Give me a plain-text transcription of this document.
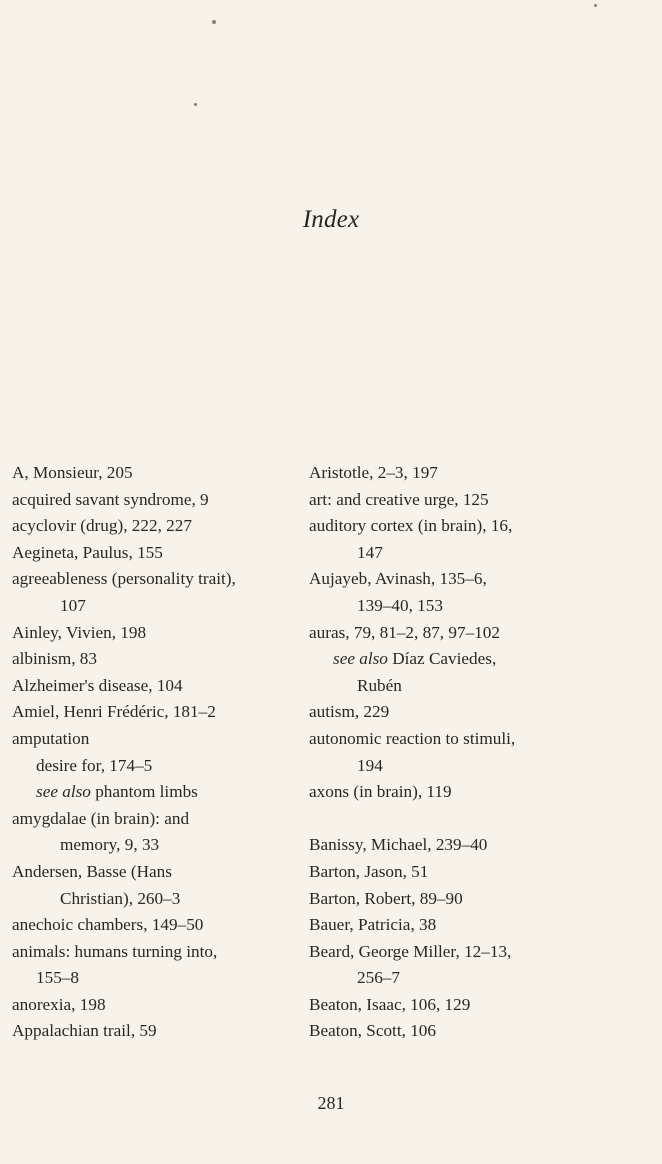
Index
A, Monsieur, 205
acquired savant syndrome, 9
acyclovir (drug), 222, 227
Aegineta, Paulus, 155
agreeableness (personality trait),
107
Ainley, Vivien, 198
albinism, 83
Alzheimer's disease, 104
Amiel, Henri Frédéric, 181–2
amputation
desire for, 174–5
see also phantom limbs
amygdalae (in brain): and
memory, 9, 33
Andersen, Basse (Hans
Christian), 260–3
anechoic chambers, 149–50
animals: humans turning into,
155–8
anorexia, 198
Appalachian trail, 59
Aristotle, 2–3, 197
art: and creative urge, 125
auditory cortex (in brain), 16,
147
Aujayeb, Avinash, 135–6,
139–40, 153
auras, 79, 81–2, 87, 97–102
see also Díaz Caviedes,
Rubén
autism, 229
autonomic reaction to stimuli,
194
axons (in brain), 119
Banissy, Michael, 239–40
Barton, Jason, 51
Barton, Robert, 89–90
Bauer, Patricia, 38
Beard, George Miller, 12–13,
256–7
Beaton, Isaac, 106, 129
Beaton, Scott, 106
281
